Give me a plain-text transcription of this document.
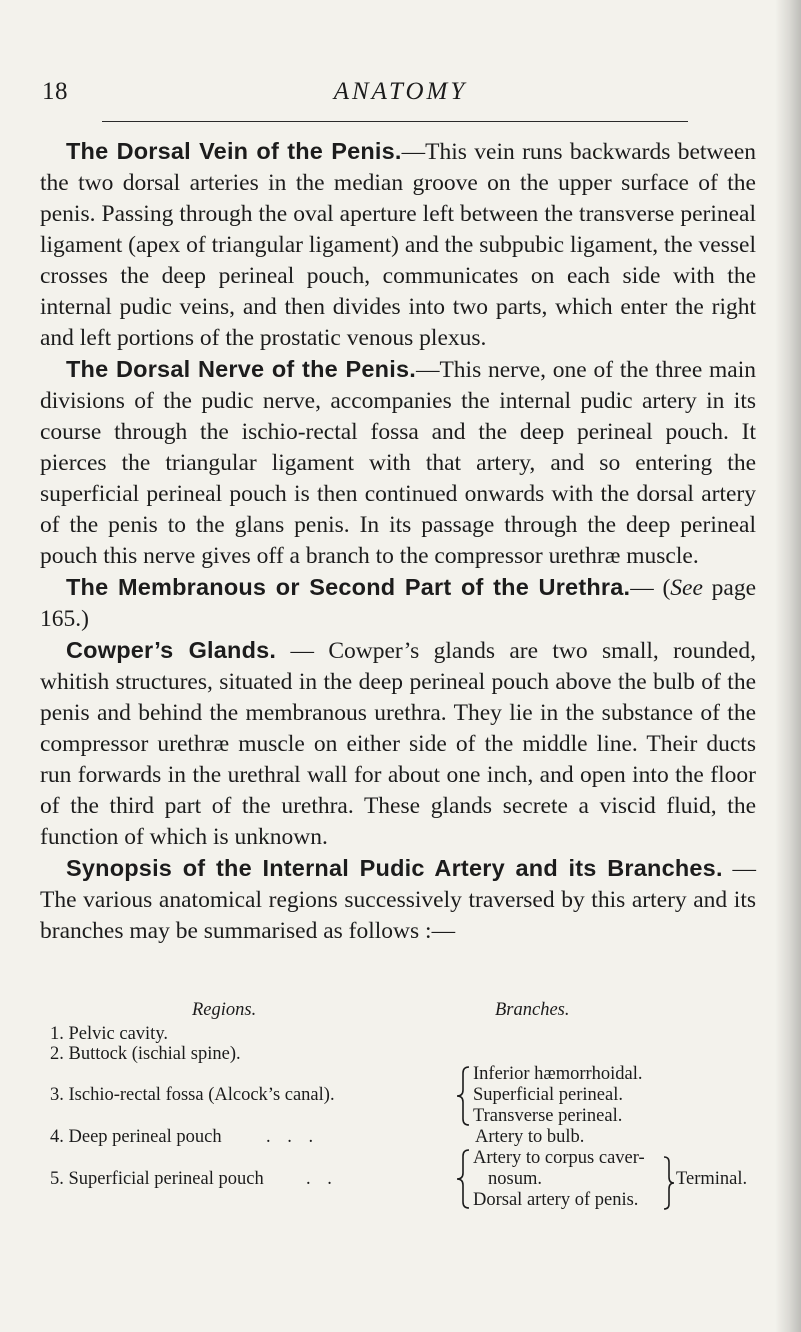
18	ANATOMY

The Dorsal Vein of the Penis.—This vein runs backwards between the two dorsal arteries in the median groove on the upper surface of the penis. Passing through the oval aperture left between the transverse perineal ligament (apex of triangular ligament) and the subpubic ligament, the vessel crosses the deep perineal pouch, communicates on each side with the internal pudic veins, and then divides into two parts, which enter the right and left portions of the prostatic venous plexus.

The Dorsal Nerve of the Penis.—This nerve, one of the three main divisions of the pudic nerve, accompanies the internal pudic artery in its course through the ischio-rectal fossa and the deep perineal pouch. It pierces the triangular ligament with that artery, and so entering the superficial perineal pouch is then continued onwards with the dorsal artery of the penis to the glans penis. In its passage through the deep perineal pouch this nerve gives off a branch to the compressor urethræ muscle.

The Membranous or Second Part of the Urethra.— (See page 165.)

Cowper’s Glands. — Cowper’s glands are two small, rounded, whitish structures, situated in the deep perineal pouch above the bulb of the penis and behind the membranous urethra. They lie in the substance of the compressor urethræ muscle on either side of the middle line. Their ducts run forwards in the urethral wall for about one inch, and open into the floor of the third part of the urethra. These glands secrete a viscid fluid, the function of which is unknown.

Synopsis of the Internal Pudic Artery and its Branches. — The various anatomical regions successively traversed by this artery and its branches may be summarised as follows :—

Regions.	Branches.
1. Pelvic cavity.
2. Buttock (ischial spine).
3. Ischio-rectal fossa (Alcock’s canal).
4. Deep perineal pouch . . .
5. Superficial perineal pouch . .
Inferior hæmorrhoidal.
Superficial perineal.
Transverse perineal.
Artery to bulb.
Artery to corpus caver-
nosum.
Dorsal artery of penis.
Terminal.
